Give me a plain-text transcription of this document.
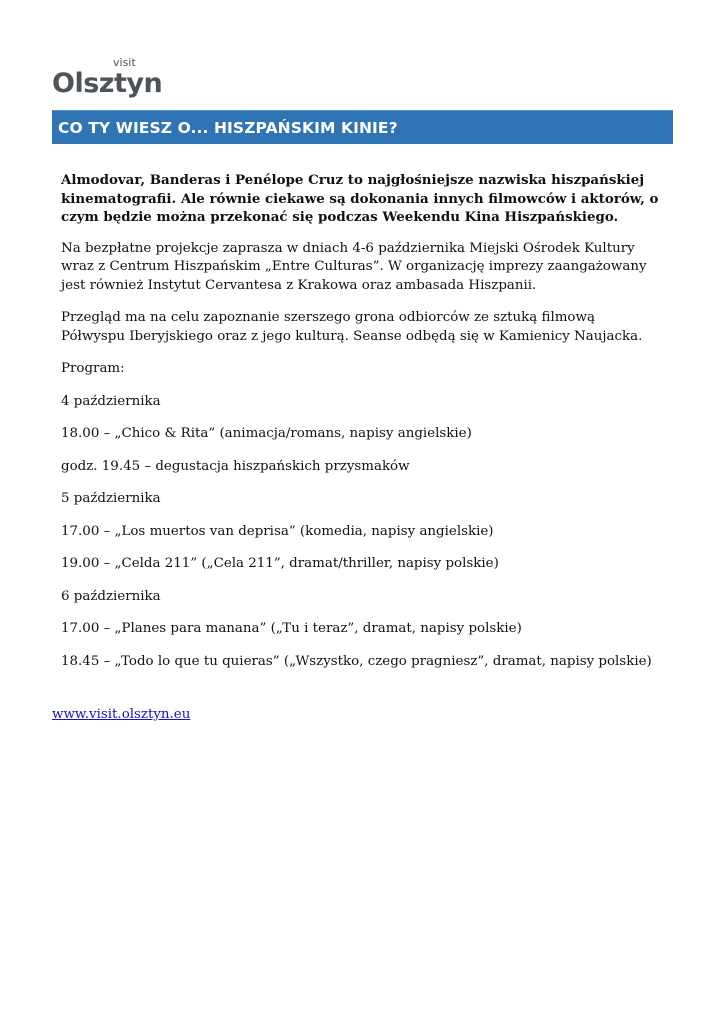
visit
Olsztyn
CO TY WIESZ O... HISZPAŃSKIM KINIE?

Almodovar, Banderas i Penélope Cruz to najgłośniejsze nazwiska hiszpańskiej kinematografii. Ale równie ciekawe są dokonania innych filmowców i aktorów, o czym będzie można przekonać się podczas Weekendu Kina Hiszpańskiego.

Na bezpłatne projekcje zaprasza w dniach 4-6 października Miejski Ośrodek Kultury wraz z Centrum Hiszpańskim „Entre Culturas”. W organizację imprezy zaangażowany jest również Instytut Cervantesa z Krakowa oraz ambasada Hiszpanii.

Przegląd ma na celu zapoznanie szerszego grona odbiorców ze sztuką filmową Półwyspu Iberyjskiego oraz z jego kulturą. Seanse odbędą się w Kamienicy Naujacka.

Program:

4 października

18.00 – „Chico & Rita” (animacja/romans, napisy angielskie)

godz. 19.45 – degustacja hiszpańskich przysmaków

5 października

17.00 – „Los muertos van deprisa” (komedia, napisy angielskie)

19.00 – „Celda 211” („Cela 211”, dramat/thriller, napisy polskie)

6 października

17.00 – „Planes para manana” („Tu i teraz”, dramat, napisy polskie)

18.45 – „Todo lo que tu quieras” („Wszystko, czego pragniesz”, dramat, napisy polskie)

www.visit.olsztyn.eu
